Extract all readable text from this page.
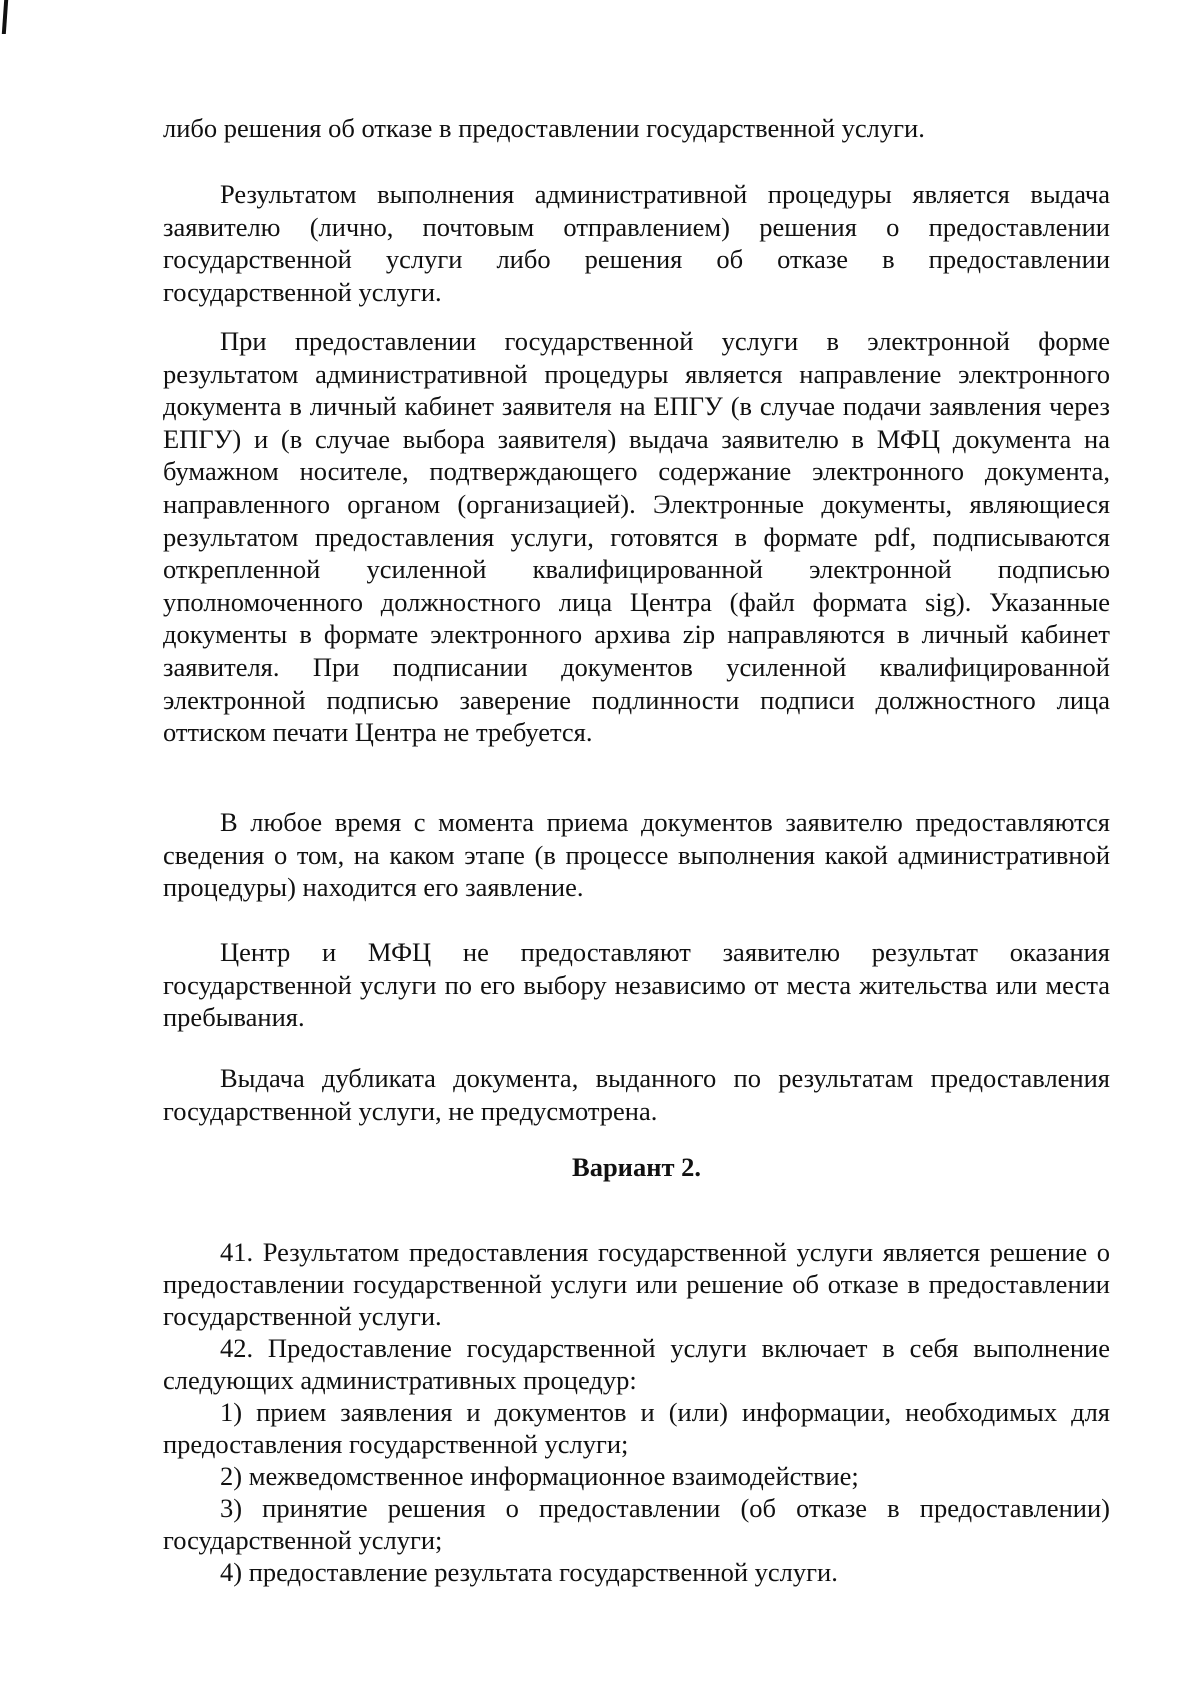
либо решения об отказе в предоставлении государственной услуги.

Результатом выполнения административной процедуры является выдача заявителю (лично, почтовым отправлением) решения о предоставлении государственной услуги либо решения об отказе в предоставлении государственной услуги.

При предоставлении государственной услуги в электронной форме результатом административной процедуры является направление электронного документа в личный кабинет заявителя на ЕПГУ (в случае подачи заявления через ЕПГУ) и (в случае выбора заявителя) выдача заявителю в МФЦ документа на бумажном носителе, подтверждающего содержание электронного документа, направленного органом (организацией). Электронные документы, являющиеся результатом предоставления услуги, готовятся в формате pdf, подписываются открепленной усиленной квалифицированной электронной подписью уполномоченного должностного лица Центра (файл формата sig). Указанные документы в формате электронного архива zip направляются в личный кабинет заявителя. При подписании документов усиленной квалифицированной электронной подписью заверение подлинности подписи должностного лица оттиском печати Центра не требуется.

В любое время с момента приема документов заявителю предоставляются сведения о том, на каком этапе (в процессе выполнения какой административной процедуры) находится его заявление.

Центр и МФЦ не предоставляют заявителю результат оказания государственной услуги по его выбору независимо от места жительства или места пребывания.

Выдача дубликата документа, выданного по результатам предоставления государственной услуги, не предусмотрена.

Вариант 2.

41. Результатом предоставления государственной услуги является решение о предоставлении государственной услуги или решение об отказе в предоставлении государственной услуги.

42. Предоставление государственной услуги включает в себя выполнение следующих административных процедур:

1) прием заявления и документов и (или) информации, необходимых для предоставления государственной услуги;

2) межведомственное информационное взаимодействие;

3) принятие решения о предоставлении (об отказе в предоставлении) государственной услуги;

4) предоставление результата государственной услуги.
